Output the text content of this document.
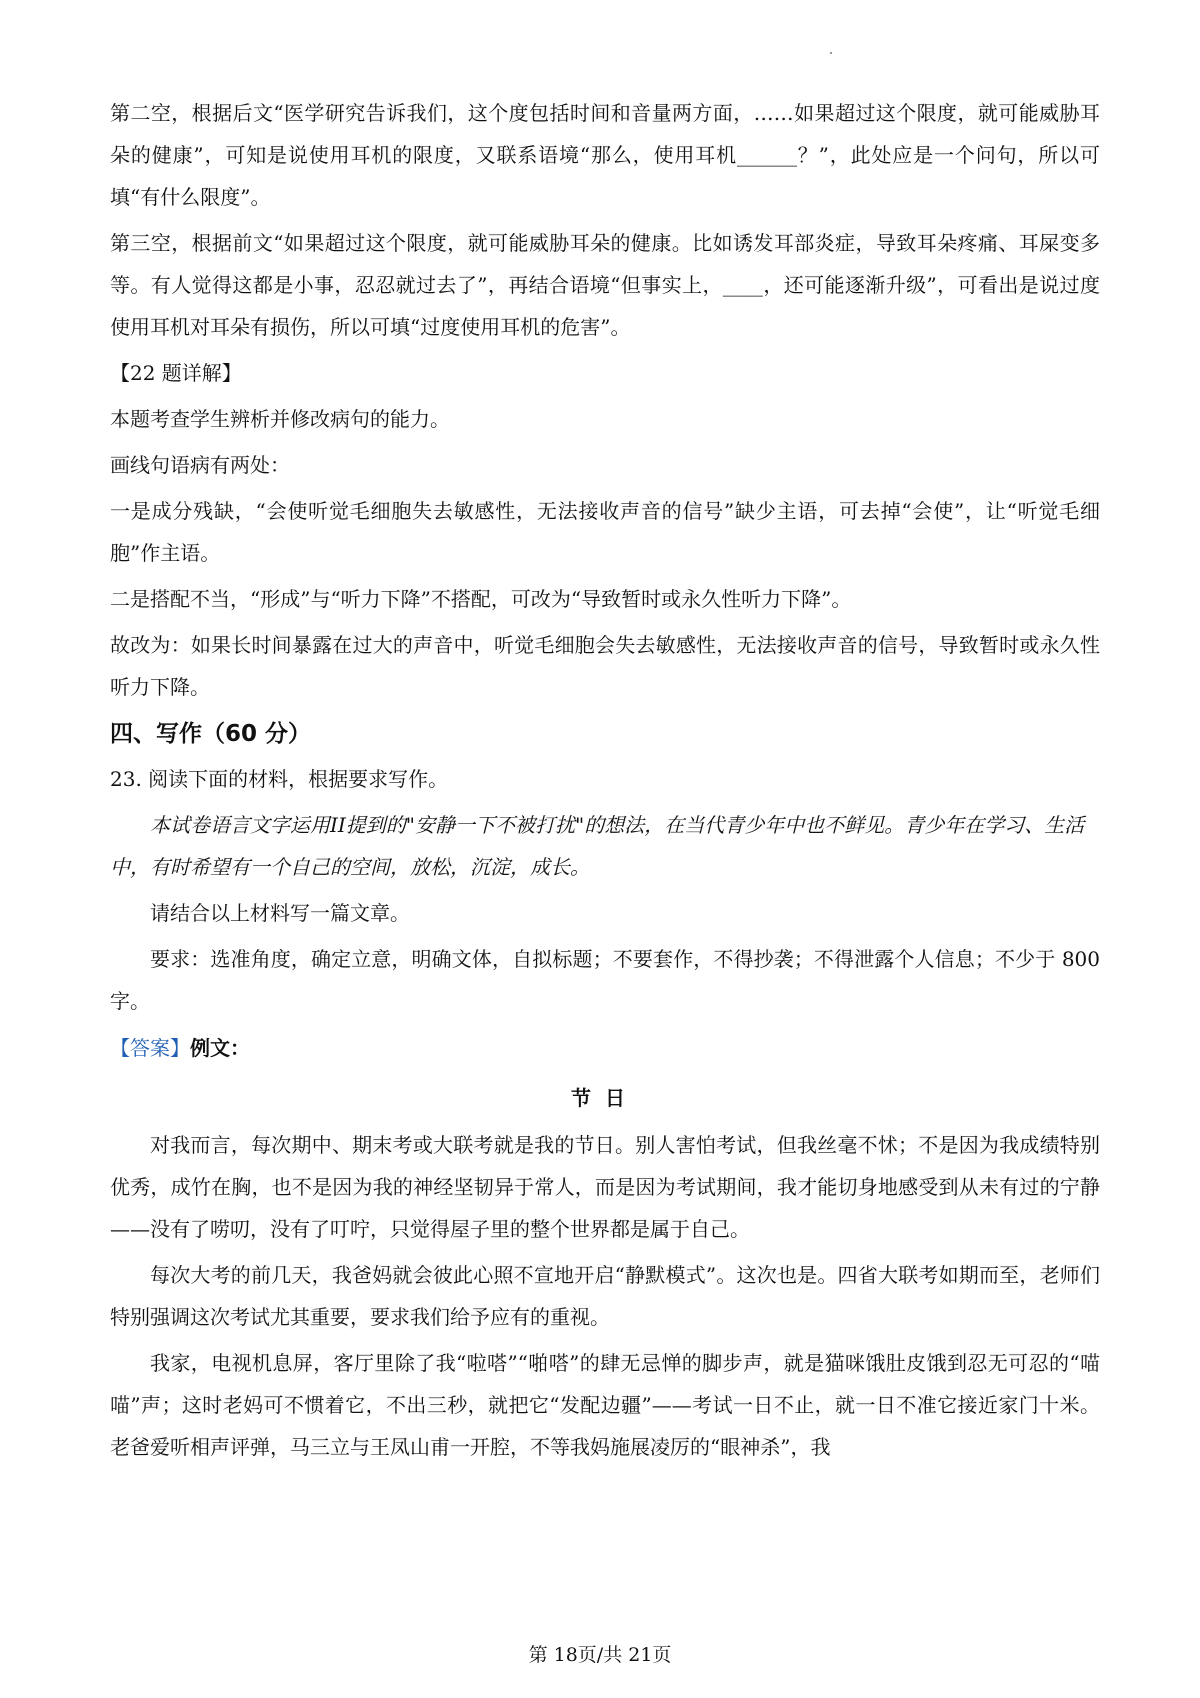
第二空，根据后文“医学研究告诉我们，这个度包括时间和音量两方面，……如果超过这个限度，就可能威胁耳朵的健康”，可知是说使用耳机的限度，又联系语境“那么，使用耳机______？”，此处应是一个问句，所以可填“有什么限度”。

第三空，根据前文“如果超过这个限度，就可能威胁耳朵的健康。比如诱发耳部炎症，导致耳朵疼痛、耳屎变多等。有人觉得这都是小事，忍忍就过去了”，再结合语境“但事实上，____，还可能逐渐升级”，可看出是说过度使用耳机对耳朵有损伤，所以可填“过度使用耳机的危害”。

【22 题详解】

本题考查学生辨析并修改病句的能力。

画线句语病有两处：

一是成分残缺，“会使听觉毛细胞失去敏感性，无法接收声音的信号”缺少主语，可去掉“会使”，让“听觉毛细胞”作主语。

二是搭配不当，“形成”与“听力下降”不搭配，可改为“导致暂时或永久性听力下降”。

故改为：如果长时间暴露在过大的声音中，听觉毛细胞会失去敏感性，无法接收声音的信号，导致暂时或永久性听力下降。

四、写作（60 分）

23. 阅读下面的材料，根据要求写作。

本试卷语言文字运用II提到的"安静一下不被打扰"的想法，在当代青少年中也不鲜见。青少年在学习、生活中，有时希望有一个自己的空间，放松，沉淀，成长。

请结合以上材料写一篇文章。

要求：选准角度，确定立意，明确文体，自拟标题；不要套作，不得抄袭；不得泄露个人信息；不少于 800 字。

【答案】例文：
节日

对我而言，每次期中、期末考或大联考就是我的节日。别人害怕考试，但我丝毫不怵；不是因为我成绩特别优秀，成竹在胸，也不是因为我的神经坚韧异于常人，而是因为考试期间，我才能切身地感受到从未有过的宁静——没有了唠叨，没有了叮咛，只觉得屋子里的整个世界都是属于自己。

每次大考的前几天，我爸妈就会彼此心照不宣地开启“静默模式”。这次也是。四省大联考如期而至，老师们特别强调这次考试尤其重要，要求我们给予应有的重视。

我家，电视机息屏，客厅里除了我“啦嗒”“啪嗒”的肆无忌惮的脚步声，就是猫咪饿肚皮饿到忍无可忍的“喵喵”声；这时老妈可不惯着它，不出三秒，就把它“发配边疆”——考试一日不止，就一日不准它接近家门十米。老爸爱听相声评弹，马三立与王凤山甫一开腔，不等我妈施展凌厉的“眼神杀”，我

第 18页/共 21页
